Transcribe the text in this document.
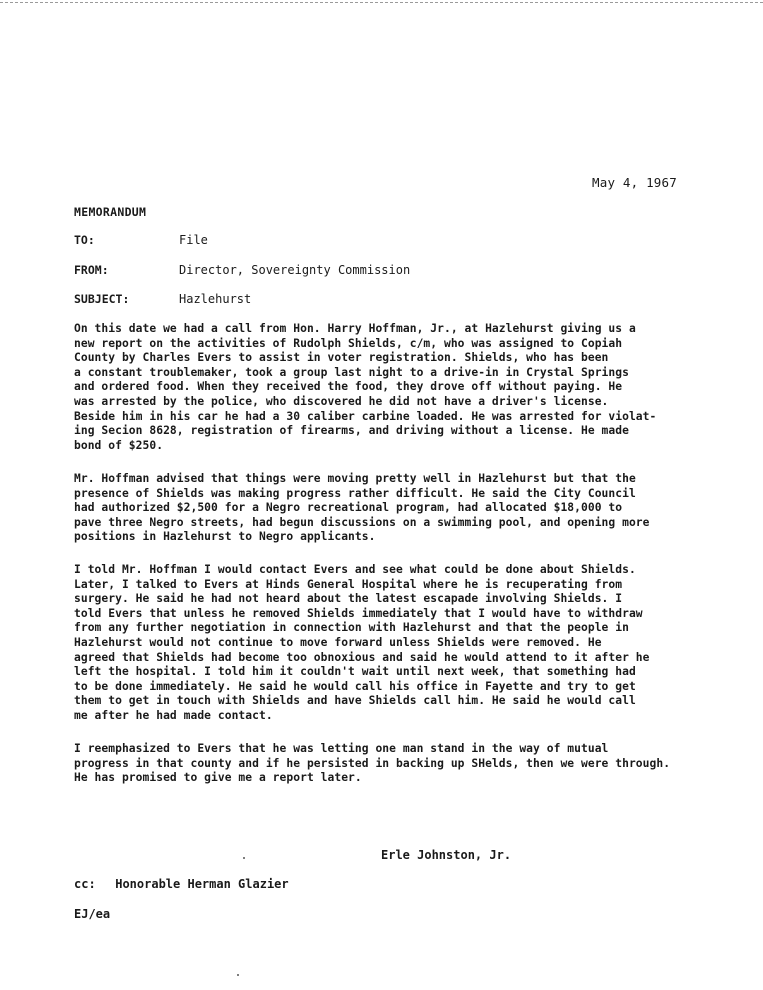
May 4, 1967
MEMORANDUM
TO:	File
FROM:	Director, Sovereignty Commission
SUBJECT:	Hazlehurst
On this date we had a call from Hon. Harry Hoffman, Jr., at Hazlehurst giving us a
new report on the activities of Rudolph Shields, c/m, who was assigned to Copiah
County by Charles Evers to assist in voter registration. Shields, who has been
a constant troublemaker, took a group last night to a drive-in in Crystal Springs
and ordered food. When they received the food, they drove off without paying. He
was arrested by the police, who discovered he did not have a driver's license.
Beside him in his car he had a 30 caliber carbine loaded. He was arrested for violat-
ing Secion 8628, registration of firearms, and driving without a license. He made
bond of $250.
Mr. Hoffman advised that things were moving pretty well in Hazlehurst but that the
presence of Shields was making progress rather difficult. He said the City Council
had authorized $2,500 for a Negro recreational program, had allocated $18,000 to
pave three Negro streets, had begun discussions on a swimming pool, and opening more
positions in Hazlehurst to Negro applicants.
I told Mr. Hoffman I would contact Evers and see what could be done about Shields.
Later, I talked to Evers at Hinds General Hospital where he is recuperating from
surgery. He said he had not heard about the latest escapade involving Shields. I
told Evers that unless he removed Shields immediately that I would have to withdraw
from any further negotiation in connection with Hazlehurst and that the people in
Hazlehurst would not continue to move forward unless Shields were removed. He
agreed that Shields had become too obnoxious and said he would attend to it after he
left the hospital. I told him it couldn't wait until next week, that something had
to be done immediately. He said he would call his office in Fayette and try to get
them to get in touch with Shields and have Shields call him. He said he would call
me after he had made contact.
I reemphasized to Evers that he was letting one man stand in the way of mutual
progress in that county and if he persisted in backing up SHelds, then we were through.
He has promised to give me a report later.
Erle Johnston, Jr.
cc: Honorable Herman Glazier
EJ/ea
